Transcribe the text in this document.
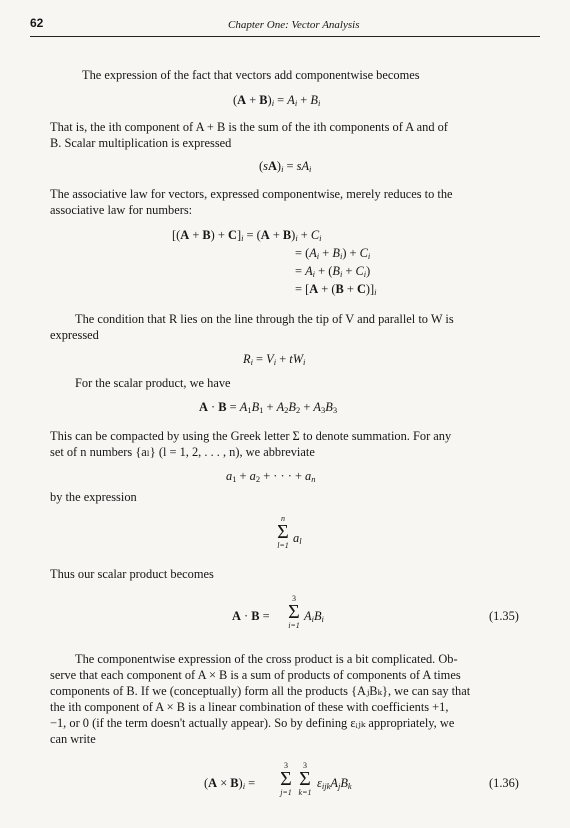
62	Chapter One: Vector Analysis
The expression of the fact that vectors add componentwise becomes
$(A + B)_i = A_i + B_i$
That is, the ith component of A + B is the sum of the ith components of A and of
B. Scalar multiplication is expressed
$(sA)_i = sA_i$
The associative law for vectors, expressed componentwise, merely reduces to the
associative law for numbers:
$[(A + B) + C]_i = (A + B)_i + C_i$
= $(A_i + B_i) + C_i$
= $A_i + (B_i + C_i)$
= $[A + (B + C)]_i$
The condition that R lies on the line through the tip of V and parallel to W is
expressed
$R_i = V_i + tW_i$
For the scalar product, we have
$A \cdot B = A_1B_1 + A_2B_2 + A_3B_3$
This can be compacted by using the Greek letter Σ to denote summation. For any
set of n numbers {aₗ} (l = 1, 2, . . . , n), we abbreviate
$a_1 + a_2$ + · · · + $a_n$
by the expression
n
Σ
l=1
$a_l$
Thus our scalar product becomes
A · B =
3
Σ
i=1
$A_iB_i$	(1.35)
The componentwise expression of the cross product is a bit complicated. Ob-
serve that each component of A × B is a sum of products of components of A times
components of B. If we (conceptually) form all the products {AⱼBₖ}, we can say that
the ith component of A × B is a linear combination of these with coefficients +1,
−1, or 0 (if the term doesn't actually appear). So by defining εᵢⱼₖ appropriately, we
can write
$(A \times B)_i$ =
3
Σ
j=1
3
Σ
k=1
$\varepsilon_{ijk}A_jB_k$	(1.36)
